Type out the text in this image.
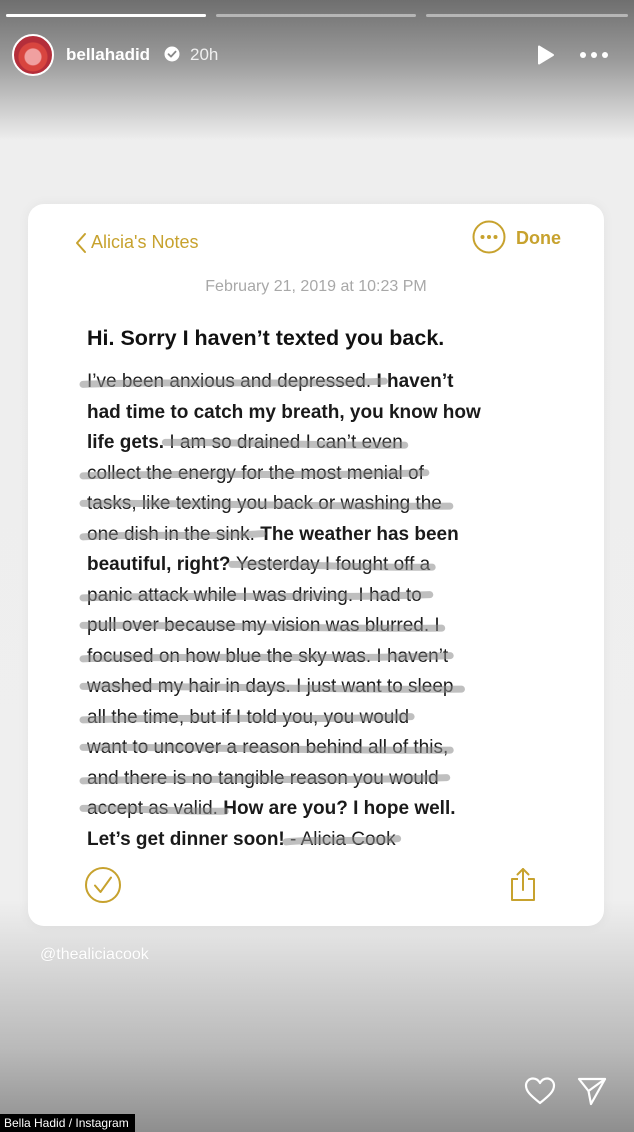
bellahadid 20h
Alicia's Notes	Done
February 21, 2019 at 10:23 PM
Hi. Sorry I haven’t texted you back.
I’ve been anxious and depressed. I haven’t
had time to catch my breath, you know how
life gets. I am so drained I can’t even
collect the energy for the most menial of
tasks, like texting you back or washing the
one dish in the sink. The weather has been
beautiful, right? Yesterday I fought off a
panic attack while I was driving. I had to
pull over because my vision was blurred. I
focused on how blue the sky was. I haven’t
washed my hair in days. I just want to sleep
all the time, but if I told you, you would
want to uncover a reason behind all of this,
and there is no tangible reason you would
accept as valid. How are you? I hope well.
Let’s get dinner soon! - Alicia Cook
@thealiciacook
Bella Hadid / Instagram
